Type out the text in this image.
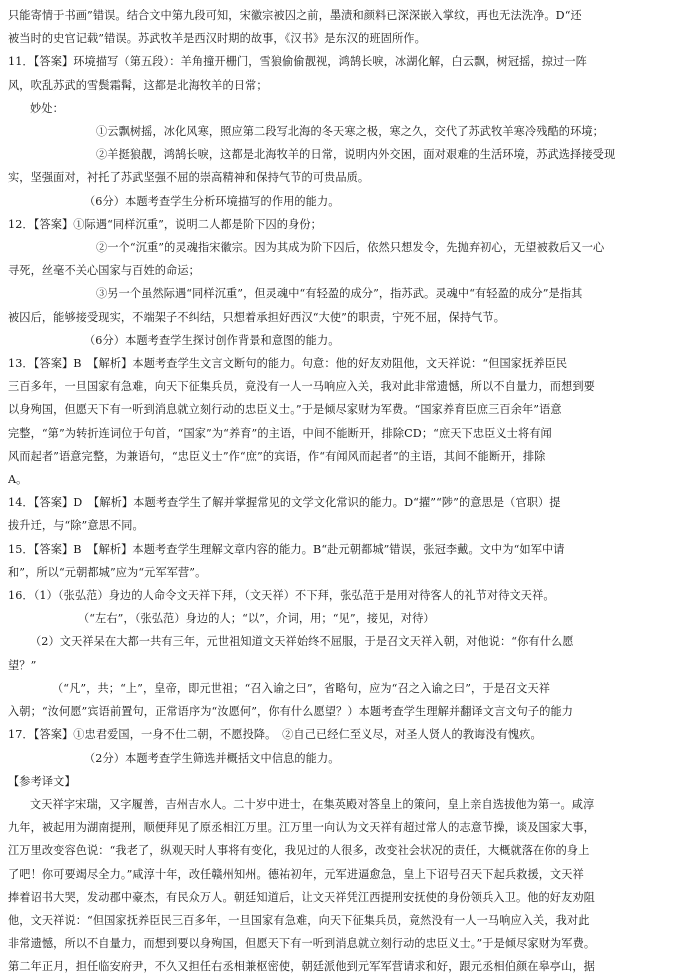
只能寄情于书画”错误。结合文中第九段可知，宋徽宗被囚之前，墨渍和颜料已深深嵌入掌纹，再也无法洗净。D“还
被当时的史官记载”错误。苏武牧羊是西汉时期的故事，《汉书》是东汉的班固所作。
11．【答案】环境描写（第五段）：羊角撞开栅门，雪狼偷偷靓视，鸿鹄长唳，冰湖化解，白云飘，树冠摇，掠过一阵
风，吹乱苏武的雪鬓霜髯，这都是北海牧羊的日常；
妙处：
①云飘树摇，冰化风寒，照应第二段写北海的冬天寒之极，寒之久，交代了苏武牧羊寒冷残酷的环境；
②羊挺狼靓，鸿鹄长唳，这都是北海牧羊的日常，说明内外交困，面对艰难的生活环境，苏武选择接受现
实，坚强面对，衬托了苏武坚强不屈的崇高精神和保持气节的可贵品质。
（6分）本题考查学生分析环境描写的作用的能力。
12．【答案】①际遇“同样沉重”，说明二人都是阶下囚的身份；
②一个“沉重”的灵魂指宋徽宗。因为其成为阶下囚后，依然只想发令，先抛弃初心，无望被救后又一心
寻死，丝毫不关心国家与百姓的命运；
③另一个虽然际遇“同样沉重”，但灵魂中“有轻盈的成分”，指苏武。灵魂中“有轻盈的成分”是指其
被囚后，能够接受现实，不端架子不纠结，只想着承担好西汉“大使”的职责，宁死不屈，保持气节。
（6分）本题考查学生探讨创作背景和意图的能力。
13．【答案】B　【解析】本题考查学生文言文断句的能力。句意：他的好友劝阻他，文天祥说：“但国家抚养臣民
三百多年，一旦国家有急难，向天下征集兵员，竟没有一人一马响应入关，我对此非常遗憾，所以不自量力，而想到要
以身殉国，但愿天下有一听到消息就立刻行动的忠臣义士。”于是倾尽家财为军费。“国家养育臣庶三百余年”语意
完整，“第”为转折连词位于句首，“国家”为“养育”的主语，中间不能断开，排除CD；“庶天下忠臣义士将有闻
风而起者”语意完整，为兼语句，“忠臣义士”作“庶”的宾语，作“有闻风而起者”的主语，其间不能断开，排除
A。
14．【答案】D　【解析】本题考查学生了解并掌握常见的文学文化常识的能力。D“擢”“陟”的意思是（官职）提
拔升迁，与“除”意思不同。
15．【答案】B　【解析】本题考查学生理解文章内容的能力。B“赴元朝都城”错误，张冠李戴。文中为“如军中请
和”，所以“元朝都城”应为“元军军营”。
16．（1）（张弘范）身边的人命令文天祥下拜，（文天祥）不下拜，张弘范于是用对待客人的礼节对待文天祥。
（“左右”，（张弘范）身边的人；“以”，介词，用；“见”，接见，对待）
（2）文天祥呆在大都一共有三年，元世祖知道文天祥始终不屈服，于是召文天祥入朝，对他说：“你有什么愿
望？”
（“凡”，共；“上”，皇帝，即元世祖；“召入谕之曰”，省略句，应为“召之入谕之曰”，于是召文天祥
入朝；“汝何愿”宾语前置句，正常语序为“汝愿何”，你有什么愿望？）本题考查学生理解并翻译文言文句子的能力
17．【答案】①忠君爱国，一身不仕二朝，不愿投降。　②自己已经仁至义尽，对圣人贤人的教诲没有愧疚。
（2分）本题考查学生筛选并概括文中信息的能力。
【参考译文】
文天祥字宋瑞，又字履善，吉州吉水人。二十岁中进士，在集英殿对答皇上的策问，皇上亲自选拔他为第一。咸淳
九年，被起用为湖南提刑，顺便拜见了原丞相江万里。江万里一向认为文天祥有超过常人的志意节操，谈及国家大事，
江万里改变容色说：“我老了，纵观天时人事将有变化，我见过的人很多，改变社会状况的责任，大概就落在你的身上
了吧！你可要竭尽全力。”咸淳十年，改任赣州知州。德祐初年，元军进逼愈急，皇上下诏号召天下起兵救援，文天祥
捧着诏书大哭，发动郡中豪杰，有民众万人。朝廷知道后，让文天祥凭江西提刑安抚使的身份领兵入卫。他的好友劝阻
他，文天祥说：“但国家抚养臣民三百多年，一旦国家有急难，向天下征集兵员，竟然没有一人一马响应入关，我对此
非常遗憾，所以不自量力，而想到要以身殉国，但愿天下有一听到消息就立刻行动的忠臣义士。”于是倾尽家财为军费。
第二年正月，担任临安府尹，不久又担任右丞相兼枢密使，朝廷派他到元军军营请求和好，跟元丞相伯颜在皋亭山，据
